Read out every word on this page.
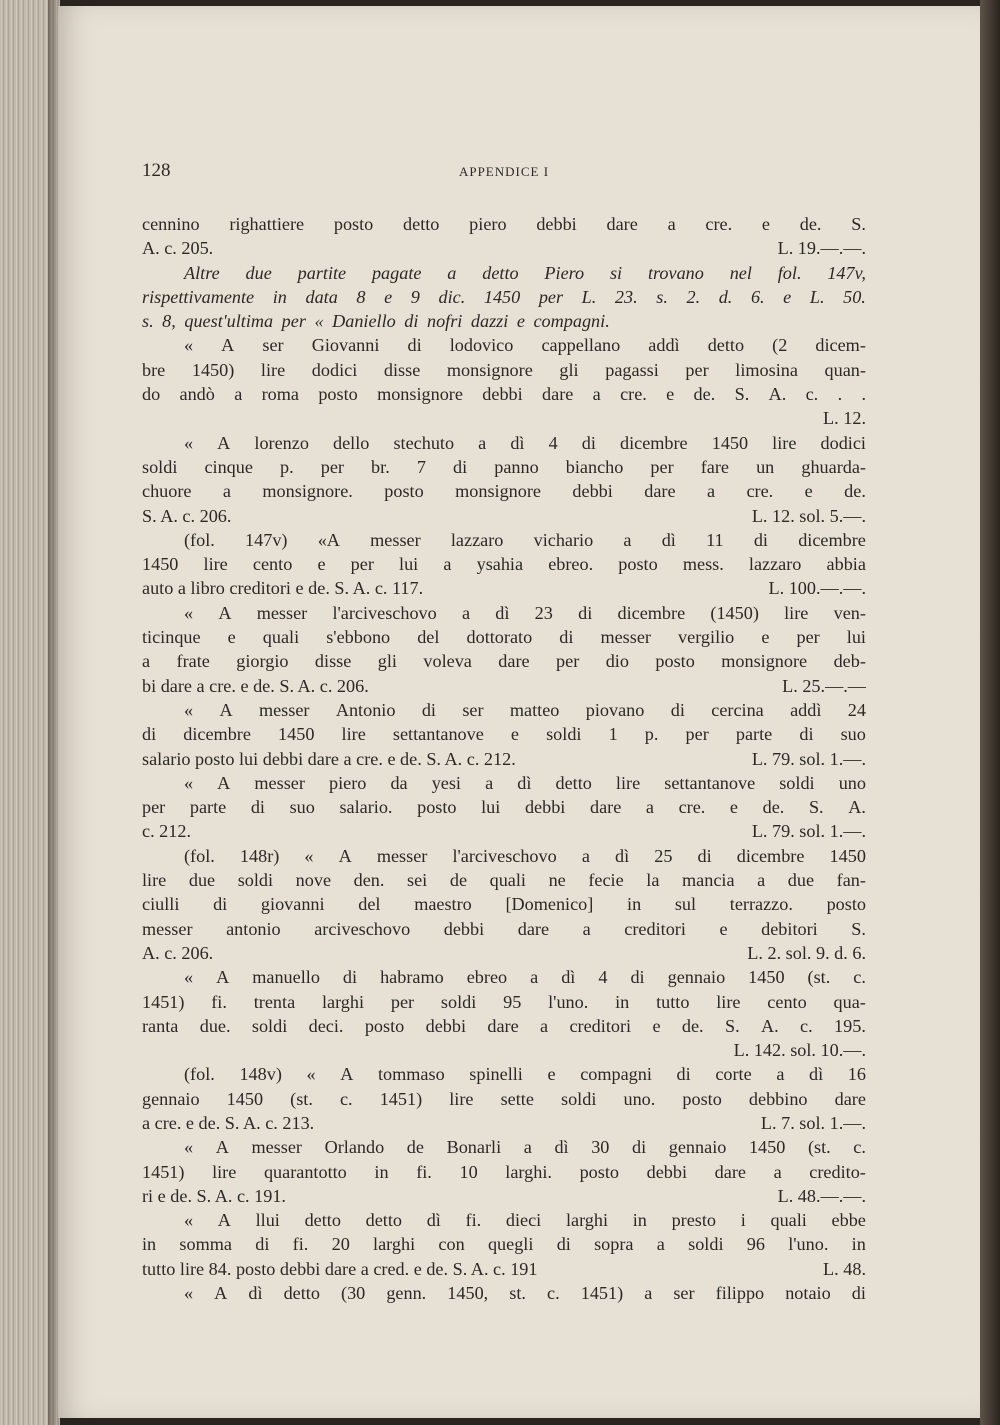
128	APPENDICE I
cennino righattiere posto detto piero debbi dare a cre. e de. S.
A. c. 205.	L. 19.—.—.
Altre due partite pagate a detto Piero si trovano nel fol. 147v,
rispettivamente in data 8 e 9 dic. 1450 per L. 23. s. 2. d. 6. e L. 50.
s. 8, quest'ultima per « Daniello di nofri dazzi e compagni.
« A ser Giovanni di lodovico cappellano addì detto (2 dicem-
bre 1450) lire dodici disse monsignore gli pagassi per limosina quan-
do andò a roma posto monsignore debbi dare a cre. e de. S. A. c. . .
L. 12.
« A lorenzo dello stechuto a dì 4 di dicembre 1450 lire dodici
soldi cinque p. per br. 7 di panno biancho per fare un ghuarda-
chuore a monsignore. posto monsignore debbi dare a cre. e de.
S. A. c. 206.	L. 12. sol. 5.—.
(fol. 147v) «A messer lazzaro vichario a dì 11 di dicembre
1450 lire cento e per lui a ysahia ebreo. posto mess. lazzaro abbia
auto a libro creditori e de. S. A. c. 117.	L. 100.—.—.
« A messer l'arciveschovo a dì 23 di dicembre (1450) lire ven-
ticinque e quali s'ebbono del dottorato di messer vergilio e per lui
a frate giorgio disse gli voleva dare per dio posto monsignore deb-
bi dare a cre. e de. S. A. c. 206.	L. 25.—.—
« A messer Antonio di ser matteo piovano di cercina addì 24
di dicembre 1450 lire settantanove e soldi 1 p. per parte di suo
salario posto lui debbi dare a cre. e de. S. A. c. 212.	L. 79. sol. 1.—.
« A messer piero da yesi a dì detto lire settantanove soldi uno
per parte di suo salario. posto lui debbi dare a cre. e de. S. A.
c. 212.	L. 79. sol. 1.—.
(fol. 148r) « A messer l'arciveschovo a dì 25 di dicembre 1450
lire due soldi nove den. sei de quali ne fecie la mancia a due fan-
ciulli di giovanni del maestro [Domenico] in sul terrazzo. posto
messer antonio arciveschovo debbi dare a creditori e debitori S.
A. c. 206.	L. 2. sol. 9. d. 6.
« A manuello di habramo ebreo a dì 4 di gennaio 1450 (st. c.
1451) fi. trenta larghi per soldi 95 l'uno. in tutto lire cento qua-
ranta due. soldi deci. posto debbi dare a creditori e de. S. A. c. 195.
L. 142. sol. 10.—.
(fol. 148v) « A tommaso spinelli e compagni di corte a dì 16
gennaio 1450 (st. c. 1451) lire sette soldi uno. posto debbino dare
a cre. e de. S. A. c. 213.	L. 7. sol. 1.—.
« A messer Orlando de Bonarli a dì 30 di gennaio 1450 (st. c.
1451) lire quarantotto in fi. 10 larghi. posto debbi dare a credito-
ri e de. S. A. c. 191.	L. 48.—.—.
« A llui detto detto dì fi. dieci larghi in presto i quali ebbe
in somma di fi. 20 larghi con quegli di sopra a soldi 96 l'uno. in
tutto lire 84. posto debbi dare a cred. e de. S. A. c. 191	L. 48.
« A dì detto (30 genn. 1450, st. c. 1451) a ser filippo notaio di
